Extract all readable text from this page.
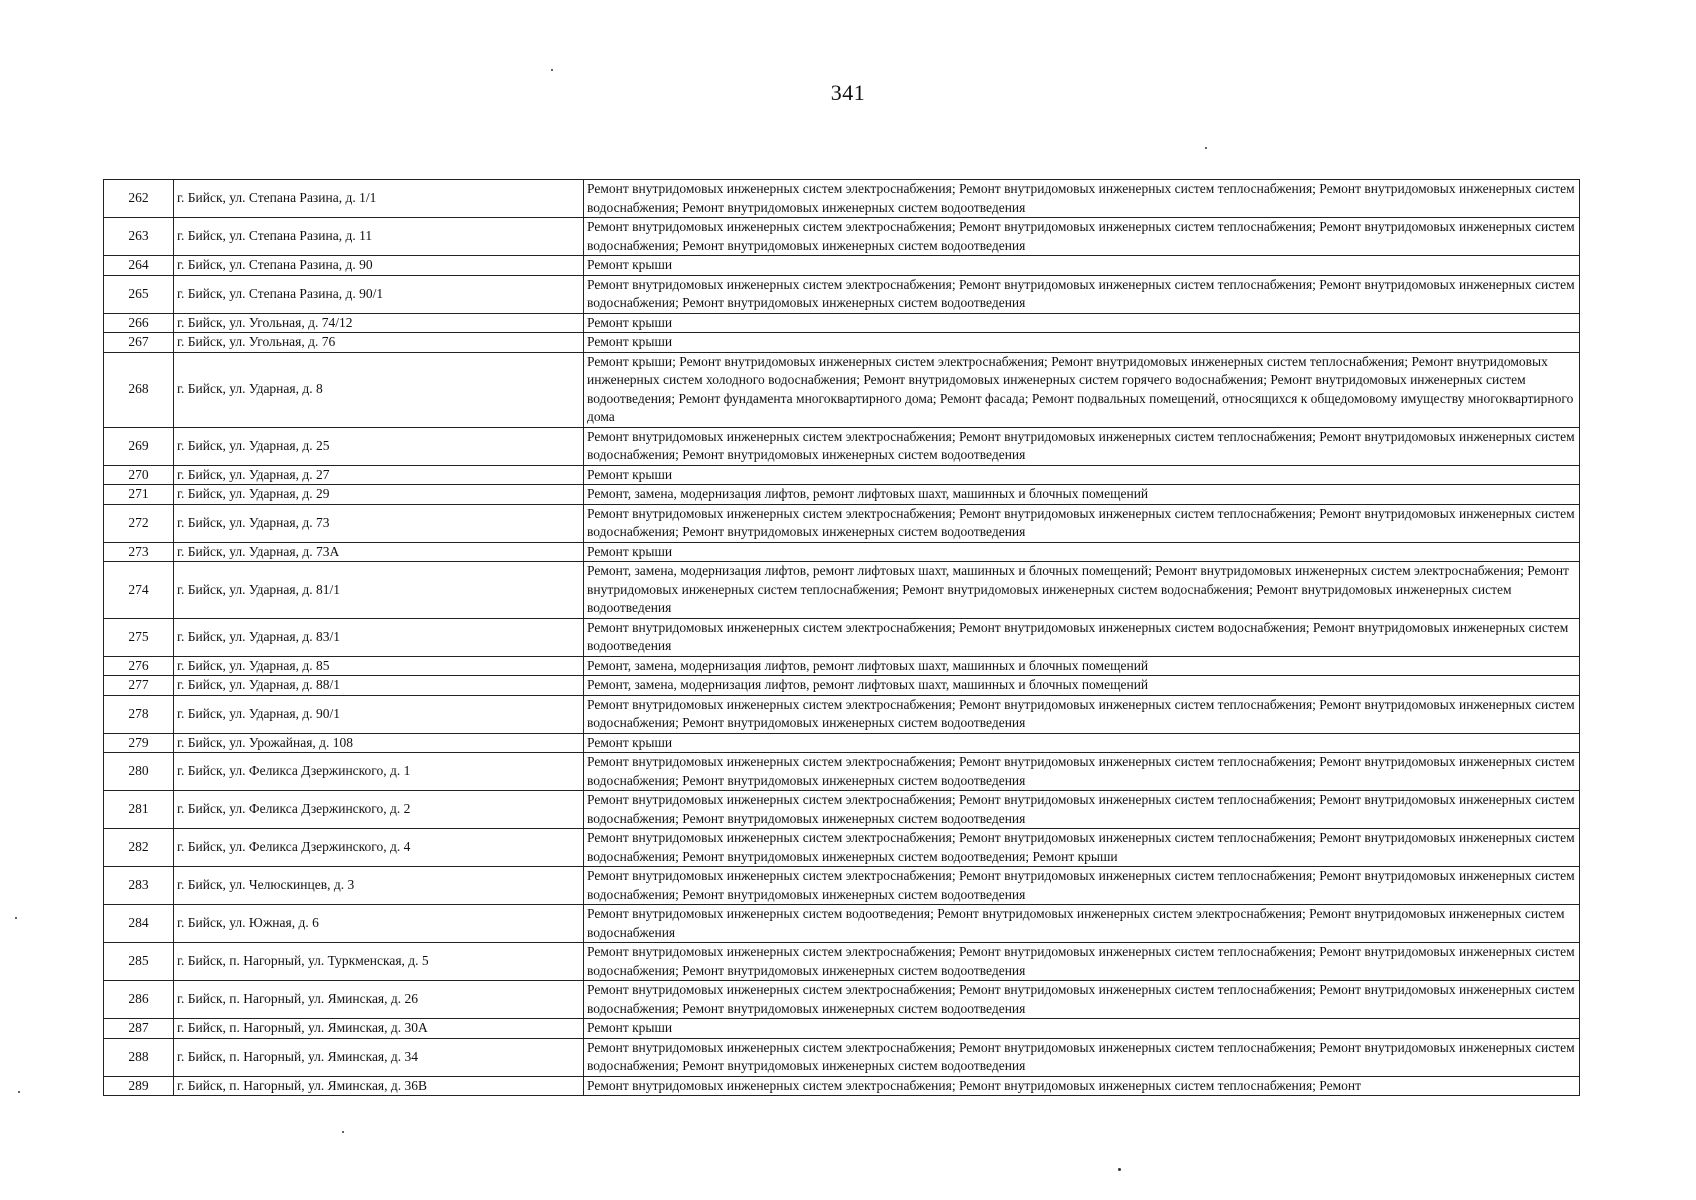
341
262	г. Бийск, ул. Степана Разина, д. 1/1	Ремонт внутридомовых инженерных систем электроснабжения; Ремонт внутридомовых инженерных систем теплоснабжения; Ремонт внутридомовых инженерных систем водоснабжения; Ремонт внутридомовых инженерных систем водоотведения
263	г. Бийск, ул. Степана Разина, д. 11	Ремонт внутридомовых инженерных систем электроснабжения; Ремонт внутридомовых инженерных систем теплоснабжения; Ремонт внутридомовых инженерных систем водоснабжения; Ремонт внутридомовых инженерных систем водоотведения
264	г. Бийск, ул. Степана Разина, д. 90	Ремонт крыши
265	г. Бийск, ул. Степана Разина, д. 90/1	Ремонт внутридомовых инженерных систем электроснабжения; Ремонт внутридомовых инженерных систем теплоснабжения; Ремонт внутридомовых инженерных систем водоснабжения; Ремонт внутридомовых инженерных систем водоотведения
266	г. Бийск, ул. Угольная, д. 74/12	Ремонт крыши
267	г. Бийск, ул. Угольная, д. 76	Ремонт крыши
268	г. Бийск, ул. Ударная, д. 8	Ремонт крыши; Ремонт внутридомовых инженерных систем электроснабжения; Ремонт внутридомовых инженерных систем теплоснабжения; Ремонт внутридомовых инженерных систем холодного водоснабжения; Ремонт внутридомовых инженерных систем горячего водоснабжения; Ремонт внутридомовых инженерных систем водоотведения; Ремонт фундамента многоквартирного дома; Ремонт фасада; Ремонт подвальных помещений, относящихся к общедомовому имуществу многоквартирного дома
269	г. Бийск, ул. Ударная, д. 25	Ремонт внутридомовых инженерных систем электроснабжения; Ремонт внутридомовых инженерных систем теплоснабжения; Ремонт внутридомовых инженерных систем водоснабжения; Ремонт внутридомовых инженерных систем водоотведения
270	г. Бийск, ул. Ударная, д. 27	Ремонт крыши
271	г. Бийск, ул. Ударная, д. 29	Ремонт, замена, модернизация лифтов, ремонт лифтовых шахт, машинных и блочных помещений
272	г. Бийск, ул. Ударная, д. 73	Ремонт внутридомовых инженерных систем электроснабжения; Ремонт внутридомовых инженерных систем теплоснабжения; Ремонт внутридомовых инженерных систем водоснабжения; Ремонт внутридомовых инженерных систем водоотведения
273	г. Бийск, ул. Ударная, д. 73А	Ремонт крыши
274	г. Бийск, ул. Ударная, д. 81/1	Ремонт, замена, модернизация лифтов, ремонт лифтовых шахт, машинных и блочных помещений; Ремонт внутридомовых инженерных систем электроснабжения; Ремонт внутридомовых инженерных систем теплоснабжения; Ремонт внутридомовых инженерных систем водоснабжения; Ремонт внутридомовых инженерных систем водоотведения
275	г. Бийск, ул. Ударная, д. 83/1	Ремонт внутридомовых инженерных систем электроснабжения; Ремонт внутридомовых инженерных систем водоснабжения; Ремонт внутридомовых инженерных систем водоотведения
276	г. Бийск, ул. Ударная, д. 85	Ремонт, замена, модернизация лифтов, ремонт лифтовых шахт, машинных и блочных помещений
277	г. Бийск, ул. Ударная, д. 88/1	Ремонт, замена, модернизация лифтов, ремонт лифтовых шахт, машинных и блочных помещений
278	г. Бийск, ул. Ударная, д. 90/1	Ремонт внутридомовых инженерных систем электроснабжения; Ремонт внутридомовых инженерных систем теплоснабжения; Ремонт внутридомовых инженерных систем водоснабжения; Ремонт внутридомовых инженерных систем водоотведения
279	г. Бийск, ул. Урожайная, д. 108	Ремонт крыши
280	г. Бийск, ул. Феликса Дзержинского, д. 1	Ремонт внутридомовых инженерных систем электроснабжения; Ремонт внутридомовых инженерных систем теплоснабжения; Ремонт внутридомовых инженерных систем водоснабжения; Ремонт внутридомовых инженерных систем водоотведения
281	г. Бийск, ул. Феликса Дзержинского, д. 2	Ремонт внутридомовых инженерных систем электроснабжения; Ремонт внутридомовых инженерных систем теплоснабжения; Ремонт внутридомовых инженерных систем водоснабжения; Ремонт внутридомовых инженерных систем водоотведения
282	г. Бийск, ул. Феликса Дзержинского, д. 4	Ремонт внутридомовых инженерных систем электроснабжения; Ремонт внутридомовых инженерных систем теплоснабжения; Ремонт внутридомовых инженерных систем водоснабжения; Ремонт внутридомовых инженерных систем водоотведения; Ремонт крыши
283	г. Бийск, ул. Челюскинцев, д. 3	Ремонт внутридомовых инженерных систем электроснабжения; Ремонт внутридомовых инженерных систем теплоснабжения; Ремонт внутридомовых инженерных систем водоснабжения; Ремонт внутридомовых инженерных систем водоотведения
284	г. Бийск, ул. Южная, д. 6	Ремонт внутридомовых инженерных систем водоотведения; Ремонт внутридомовых инженерных систем электроснабжения; Ремонт внутридомовых инженерных систем водоснабжения
285	г. Бийск, п. Нагорный, ул. Туркменская, д. 5	Ремонт внутридомовых инженерных систем электроснабжения; Ремонт внутридомовых инженерных систем теплоснабжения; Ремонт внутридомовых инженерных систем водоснабжения; Ремонт внутридомовых инженерных систем водоотведения
286	г. Бийск, п. Нагорный, ул. Яминская, д. 26	Ремонт внутридомовых инженерных систем электроснабжения; Ремонт внутридомовых инженерных систем теплоснабжения; Ремонт внутридомовых инженерных систем водоснабжения; Ремонт внутридомовых инженерных систем водоотведения
287	г. Бийск, п. Нагорный, ул. Яминская, д. 30А	Ремонт крыши
288	г. Бийск, п. Нагорный, ул. Яминская, д. 34	Ремонт внутридомовых инженерных систем электроснабжения; Ремонт внутридомовых инженерных систем теплоснабжения; Ремонт внутридомовых инженерных систем водоснабжения; Ремонт внутридомовых инженерных систем водоотведения
289	г. Бийск, п. Нагорный, ул. Яминская, д. 36В	Ремонт внутридомовых инженерных систем электроснабжения; Ремонт внутридомовых инженерных систем теплоснабжения; Ремонт
